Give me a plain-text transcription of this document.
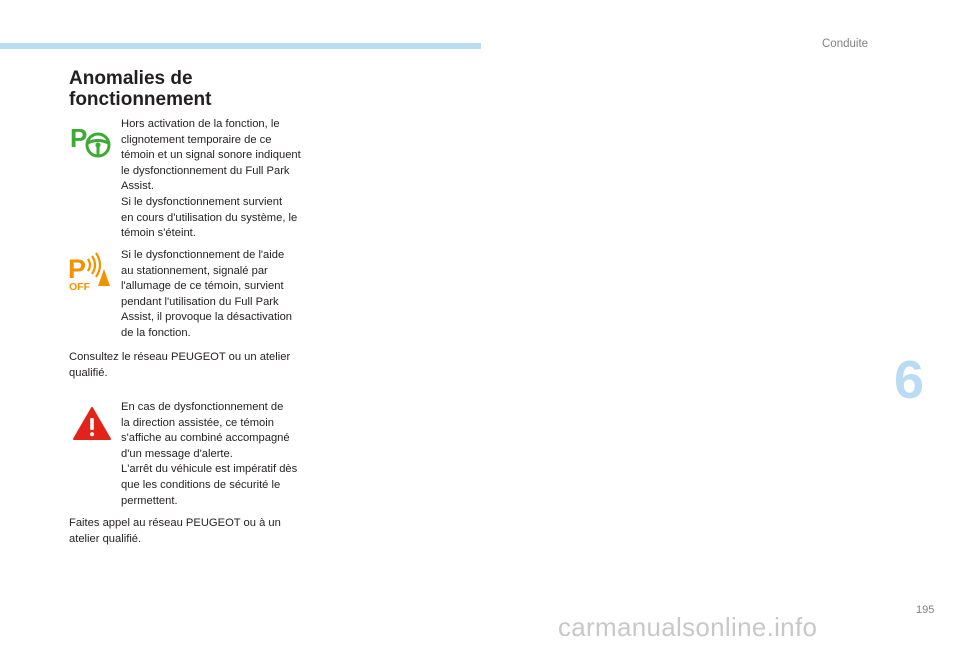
Conduite
Anomalies de
fonctionnement
P	Hors activation de la fonction, le
clignotement temporaire de ce
témoin et un signal sonore indiquent
le dysfonctionnement du Full Park
Assist.
Si le dysfonctionnement survient
en cours d'utilisation du système, le
témoin s'éteint.
P
OFF
Si le dysfonctionnement de l'aide
au stationnement, signalé par
l'allumage de ce témoin, survient
pendant l'utilisation du Full Park
Assist, il provoque la désactivation
de la fonction.
Consultez le réseau PEUGEOT ou un atelier
qualifié.
En cas de dysfonctionnement de
la direction assistée, ce témoin
s'affiche au combiné accompagné
d'un message d'alerte.
L'arrêt du véhicule est impératif dès
que les conditions de sécurité le
permettent.
Faites appel au réseau PEUGEOT ou à un
atelier qualifié.
6
195
carmanualsonline.info
